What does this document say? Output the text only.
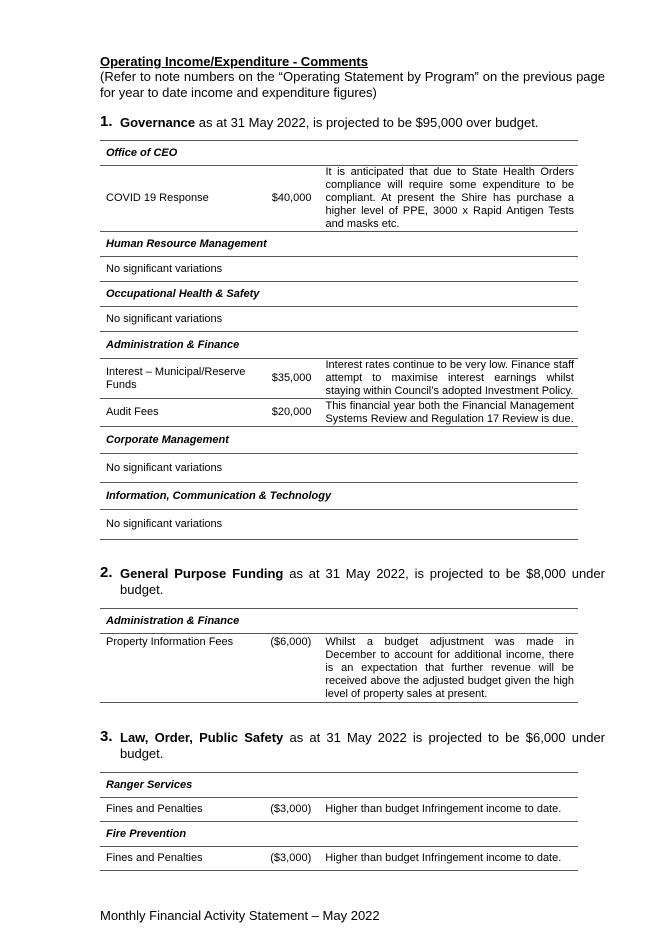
Operating Income/Expenditure - Comments
(Refer to note numbers on the “Operating Statement by Program” on the previous page for year to date income and expenditure figures)
1. Governance as at 31 May 2022, is projected to be $95,000 over budget.
Office of CEO		
COVID 19 Response	$40,000	It is anticipated that due to State Health Orders compliance will require some expenditure to be compliant. At present the Shire has purchase a higher level of PPE, 3000 x Rapid Antigen Tests and masks etc.
Human Resource Management		
No significant variations		
Occupational Health & Safety		
No significant variations		
Administration & Finance		
Interest – Municipal/Reserve Funds	$35,000	Interest rates continue to be very low. Finance staff attempt to maximise interest earnings whilst staying within Council’s adopted Investment Policy.
Audit Fees	$20,000	This financial year both the Financial Management Systems Review and Regulation 17 Review is due.
Corporate Management		
No significant variations		
Information, Communication & Technology		
No significant variations		
2. General Purpose Funding as at 31 May 2022, is projected to be $8,000 under budget.
Administration & Finance
Property Information Fees	($6,000)	Whilst a budget adjustment was made in December to account for additional income, there is an expectation that further revenue will be received above the adjusted budget given the high level of property sales at present.
3. Law, Order, Public Safety as at 31 May 2022 is projected to be $6,000 under budget.
Ranger Services		
Fines and Penalties	($3,000)	Higher than budget Infringement income to date.
Fire Prevention		
Fines and Penalties	($3,000)	Higher than budget Infringement income to date.
Monthly Financial Activity Statement – May 2022
